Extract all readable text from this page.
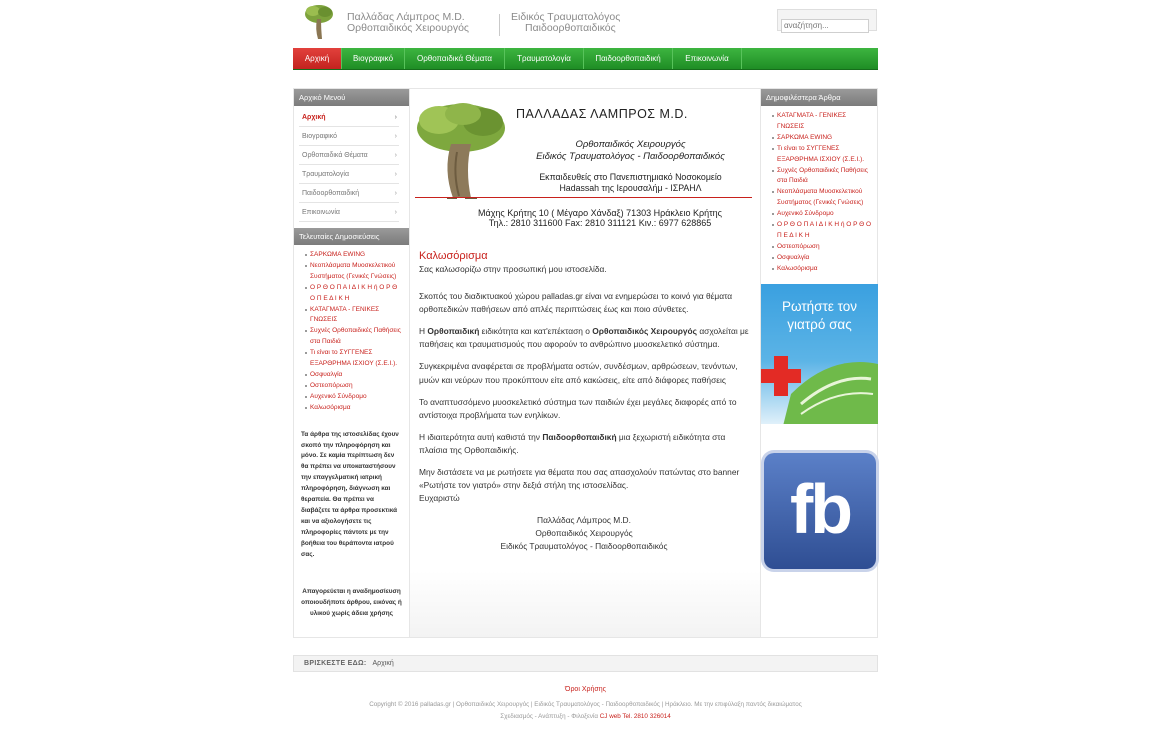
Παλλάδας Λάμπρος M.D.
Ορθοπαιδικός Χειρουργός
Ειδικός Τραυματολόγος
Παιδοορθοπαιδικός
αναζήτηση...
Αρχική	Βιογραφικό	Ορθοπαιδικά Θέματα	Τραυματολογία	Παιδοορθοπαιδική	Επικοινωνία
Αρχικό Μενού
Αρχική	›
Βιογραφικό	›
Ορθοπαιδικά Θέματα	›
Τραυματολογία	›
Παιδοορθοπαιδική	›
Επικοινωνία	›
Τελευταίες Δημοσιεύσεις
ΣΑΡΚΩΜΑ EWING
Νεοπλάσματα Μυοσκελετικού Συστήματος (Γενικές Γνώσεις)
Ο Ρ Θ Ο Π Α Ι Δ Ι Κ Η ή Ο Ρ Θ Ο Π Ε Δ Ι Κ Η
ΚΑΤΑΓΜΑΤΑ - ΓΕΝΙΚΕΣ ΓΝΩΣΕΙΣ
Συχνές Ορθοπαιδικές Παθήσεις στα Παιδιά
Τι είναι το ΣΥΓΓΕΝΕΣ ΕΞΑΡΘΡΗΜΑ ΙΣΧΙΟΥ (Σ.Ε.Ι.).
Οσφυαλγία
Οστεοπόρωση
Αυχενικό Σύνδρομο
Καλωσόρισμα
Τα άρθρα της ιστοσελίδας έχουν σκοπό την πληροφόρηση και μόνο. Σε καμία περίπτωση δεν θα πρέπει να υποκαταστήσουν την επαγγελματική ιατρική πληροφόρηση, διάγνωση και θεραπεία. Θα πρέπει να διαβάζετε τα άρθρα προσεκτικά και να αξιολογήσετε τις πληροφορίες πάντοτε με την βοήθεια του θεράποντα ιατρού σας.
Απαγορεύεται η αναδημοσίευση οποιουδήποτε άρθρου, εικόνας ή υλικού χωρίς άδεια χρήσης
ΠΑΛΛΑΔΑΣ ΛΑΜΠΡΟΣ M.D.
Ορθοπαιδικός Χειρουργός
Ειδικός Τραυματολόγος - Παιδοορθοπαιδικός
Εκπαιδευθείς στο Πανεπιστημιακό Νοσοκομείο
Hadassah της Ιερουσαλήμ - ΙΣΡΑΗΛ
Μάχης Κρήτης 10 ( Μέγαρο Χάνδαξ) 71303 Ηράκλειο Κρήτης
Τηλ.: 2810 311600 Fax: 2810 311121 Κιν.: 6977 628865
Καλωσόρισμα
Σας καλωσορίζω στην προσωπική μου ιστοσελίδα.
Σκοπός του διαδικτυακού χώρου palladas.gr είναι να ενημερώσει το κοινό για θέματα ορθοπεδικών παθήσεων από απλές περιπτώσεις έως και ποιο σύνθετες.
Η Ορθοπαιδική ειδικότητα και κατ'επέκταση ο Ορθοπαιδικός Χειρουργός ασχολείται με παθήσεις και τραυματισμούς που αφορούν το ανθρώπινο μυοσκελετικό σύστημα.
Συγκεκριμένα αναφέρεται σε προβλήματα οστών, συνδέσμων, αρθρώσεων, τενόντων, μυών και νεύρων που προκύπτουν είτε από κακώσεις, είτε από διάφορες παθήσεις
Το αναπτυσσόμενο μυοσκελετικό σύστημα των παιδιών έχει μεγάλες διαφορές από το αντίστοιχα προβλήματα των ενηλίκων.
Η ιδιαιτερότητα αυτή καθιστά την Παιδοορθοπαιδική μια ξεχωριστή ειδικότητα στα πλαίσια της Ορθοπαιδικής.
Μην διστάσετε να με ρωτήσετε για θέματα που σας απασχολούν πατώντας στο banner «Ρωτήστε τον γιατρό» στην δεξιά στήλη της ιστοσελίδας.
Ευχαριστώ
Παλλάδας Λάμπρος M.D.
Ορθοπαιδικός Χειρουργός
Ειδικός Τραυματολόγος - Παιδοορθοπαιδικός
Δημοφιλέστερα Άρθρα
ΚΑΤΑΓΜΑΤΑ - ΓΕΝΙΚΕΣ ΓΝΩΣΕΙΣ
ΣΑΡΚΩΜΑ EWING
Τι είναι το ΣΥΓΓΕΝΕΣ ΕΞΑΡΘΡΗΜΑ ΙΣΧΙΟΥ (Σ.Ε.Ι.).
Συχνές Ορθοπαιδικές Παθήσεις στα Παιδιά
Νεοπλάσματα Μυοσκελετικού Συστήματος (Γενικές Γνώσεις)
Αυχενικό Σύνδρομο
Ο Ρ Θ Ο Π Α Ι Δ Ι Κ Η ή Ο Ρ Θ Ο Π Ε Δ Ι Κ Η
Οστεοπόρωση
Οσφυαλγία
Καλωσόρισμα
Ρωτήστε τον
γιατρό σας
fb
ΒΡΙΣΚΕΣΤΕ ΕΔΩ: Αρχική
Όροι Χρήσης
Copyright © 2016 palladas.gr | Ορθοπαιδικός Χειρουργός | Ειδικός Τραυματολόγος - Παιδοορθοπαιδικός | Ηράκλειο. Με την επιφύλαξη παντός δικαιώματος
Σχεδιασμός - Ανάπτυξη - Φιλοξενία CJ web Tel. 2810 326014
